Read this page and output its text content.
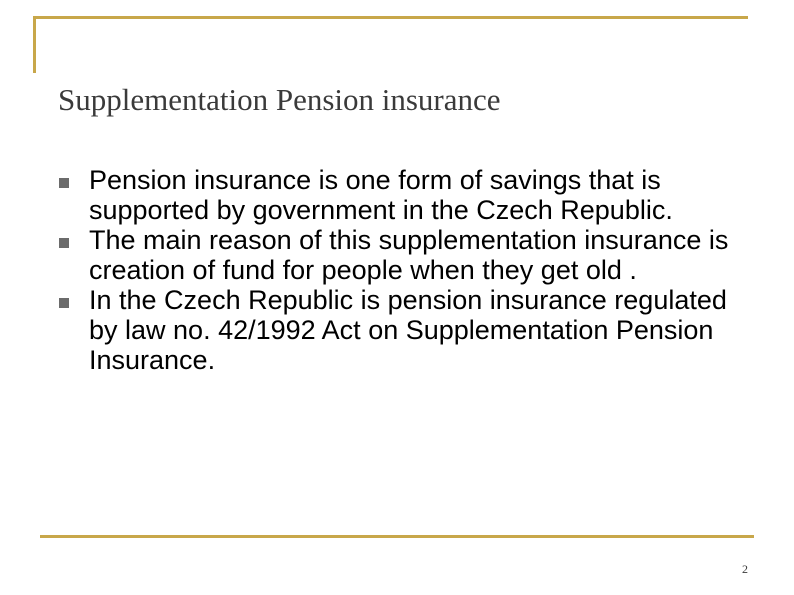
Supplementation Pension insurance
Pension insurance is one form of savings that is supported by government in the Czech Republic.
The main reason of this supplementation insurance is creation of fund for people when they get old .
In the Czech Republic is pension insurance regulated by law no. 42/1992 Act on Supplementation Pension Insurance.
2
